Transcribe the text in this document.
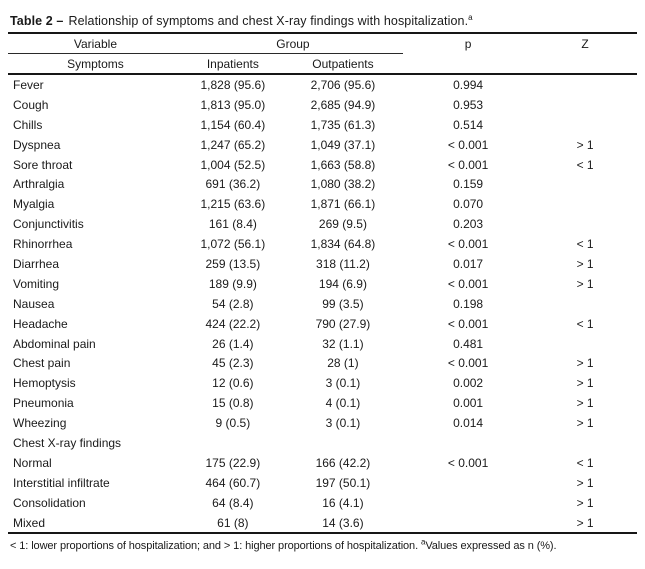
Table 2 – Relationship of symptoms and chest X-ray findings with hospitalization.$^a$

Variable	Group		p	Z
Symptoms	Inpatients	Outpatients		
Fever	1,828 (95.6)	2,706 (95.6)	0.994	
Cough	1,813 (95.0)	2,685 (94.9)	0.953	
Chills	1,154 (60.4)	1,735 (61.3)	0.514	
Dyspnea	1,247 (65.2)	1,049 (37.1)	< 0.001	> 1
Sore throat	1,004 (52.5)	1,663 (58.8)	< 0.001	< 1
Arthralgia	691 (36.2)	1,080 (38.2)	0.159	
Myalgia	1,215 (63.6)	1,871 (66.1)	0.070	
Conjunctivitis	161 (8.4)	269 (9.5)	0.203	
Rhinorrhea	1,072 (56.1)	1,834 (64.8)	< 0.001	< 1
Diarrhea	259 (13.5)	318 (11.2)	0.017	> 1
Vomiting	189 (9.9)	194 (6.9)	< 0.001	> 1
Nausea	54 (2.8)	99 (3.5)	0.198	
Headache	424 (22.2)	790 (27.9)	< 0.001	< 1
Abdominal pain	26 (1.4)	32 (1.1)	0.481	
Chest pain	45 (2.3)	28 (1)	< 0.001	> 1
Hemoptysis	12 (0.6)	3 (0.1)	0.002	> 1
Pneumonia	15 (0.8)	4 (0.1)	0.001	> 1
Wheezing	9 (0.5)	3 (0.1)	0.014	> 1
Chest X-ray findings				
Normal	175 (22.9)	166 (42.2)	< 0.001	< 1
Interstitial infiltrate	464 (60.7)	197 (50.1)		> 1
Consolidation	64 (8.4)	16 (4.1)		> 1
Mixed	61 (8)	14 (3.6)		> 1

< 1: lower proportions of hospitalization; and > 1: higher proportions of hospitalization. $^a$Values expressed as n (%).
